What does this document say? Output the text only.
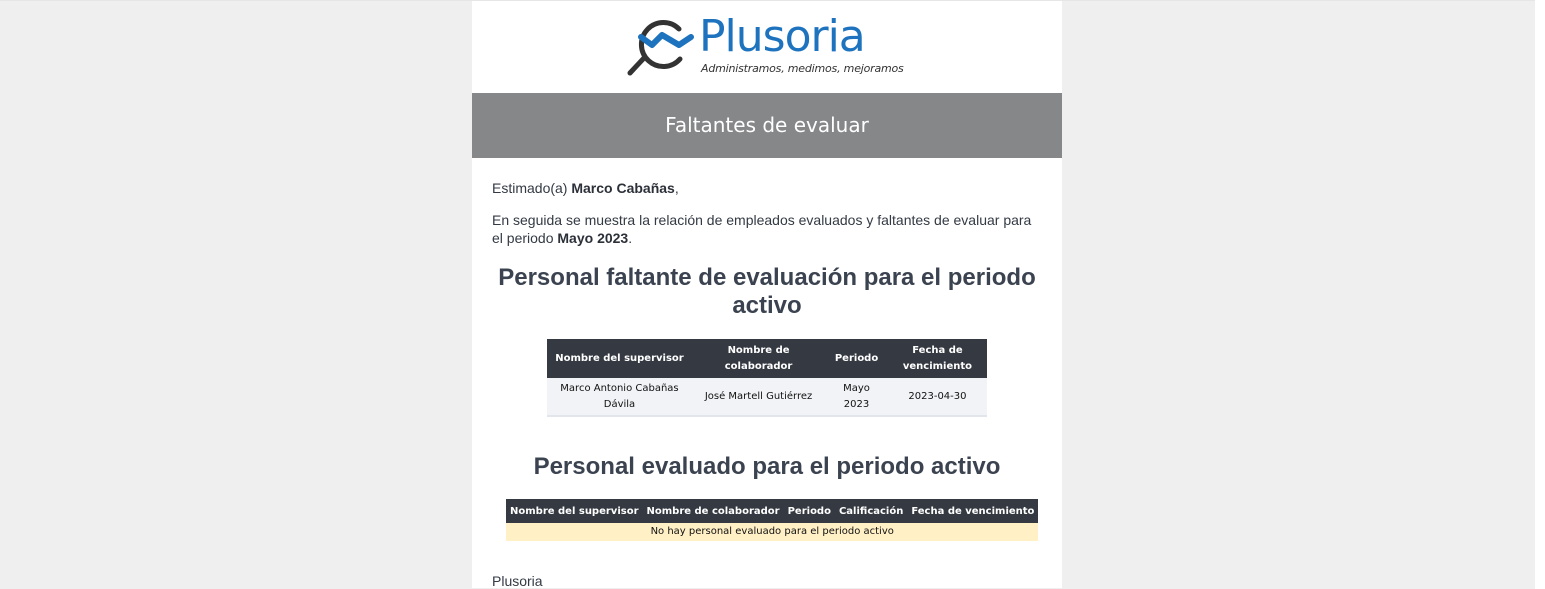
Plusoria
Administramos, medimos, mejoramos
Faltantes de evaluar
Estimado(a) Marco Cabañas,
En seguida se muestra la relación de empleados evaluados y faltantes de evaluar para el periodo Mayo 2023.
Personal faltante de evaluación para el periodo activo
Nombre del supervisor	Nombre de colaborador	Periodo	Fecha de vencimiento
Marco Antonio Cabañas Dávila	José Martell Gutiérrez	Mayo 2023	2023-04-30
Personal evaluado para el periodo activo
Nombre del supervisor	Nombre de colaborador	Periodo	Calificación	Fecha de vencimiento
No hay personal evaluado para el periodo activo
Plusoria
